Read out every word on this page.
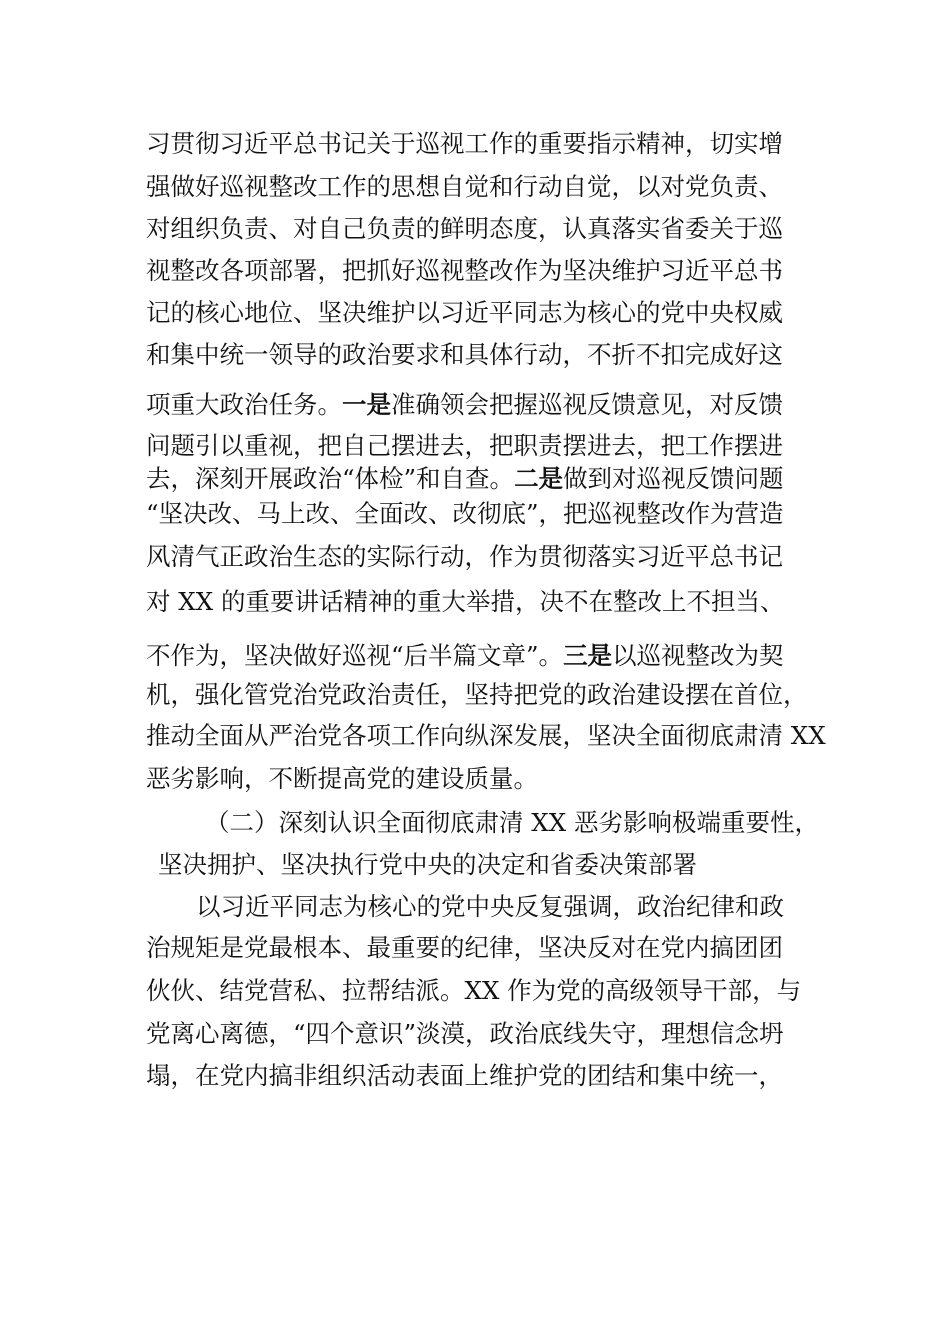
习贯彻习近平总书记关于巡视工作的重要指示精神，切实增
强做好巡视整改工作的思想自觉和行动自觉，以对党负责、
对组织负责、对自己负责的鲜明态度，认真落实省委关于巡
视整改各项部署，把抓好巡视整改作为坚决维护习近平总书
记的核心地位、坚决维护以习近平同志为核心的党中央权威
和集中统一领导的政治要求和具体行动，不折不扣完成好这
项重大政治任务。一是准确领会把握巡视反馈意见，对反馈
问题引以重视，把自己摆进去，把职责摆进去，把工作摆进
去，深刻开展政治“体检”和自查。二是做到对巡视反馈问题
“坚决改、马上改、全面改、改彻底”，把巡视整改作为营造
风清气正政治生态的实际行动，作为贯彻落实习近平总书记
对 XX 的重要讲话精神的重大举措，决不在整改上不担当、
不作为，坚决做好巡视“后半篇文章”。三是以巡视整改为契
机，强化管党治党政治责任，坚持把党的政治建设摆在首位，
推动全面从严治党各项工作向纵深发展，坚决全面彻底肃清 XX
恶劣影响，不断提高党的建设质量。
（二）深刻认识全面彻底肃清 XX 恶劣影响极端重要性，
坚决拥护、坚决执行党中央的决定和省委决策部署
以习近平同志为核心的党中央反复强调，政治纪律和政
治规矩是党最根本、最重要的纪律，坚决反对在党内搞团团
伙伙、结党营私、拉帮结派。XX 作为党的高级领导干部，与
党离心离德，“四个意识”淡漠，政治底线失守，理想信念坍
塌，在党内搞非组织活动表面上维护党的团结和集中统一，
